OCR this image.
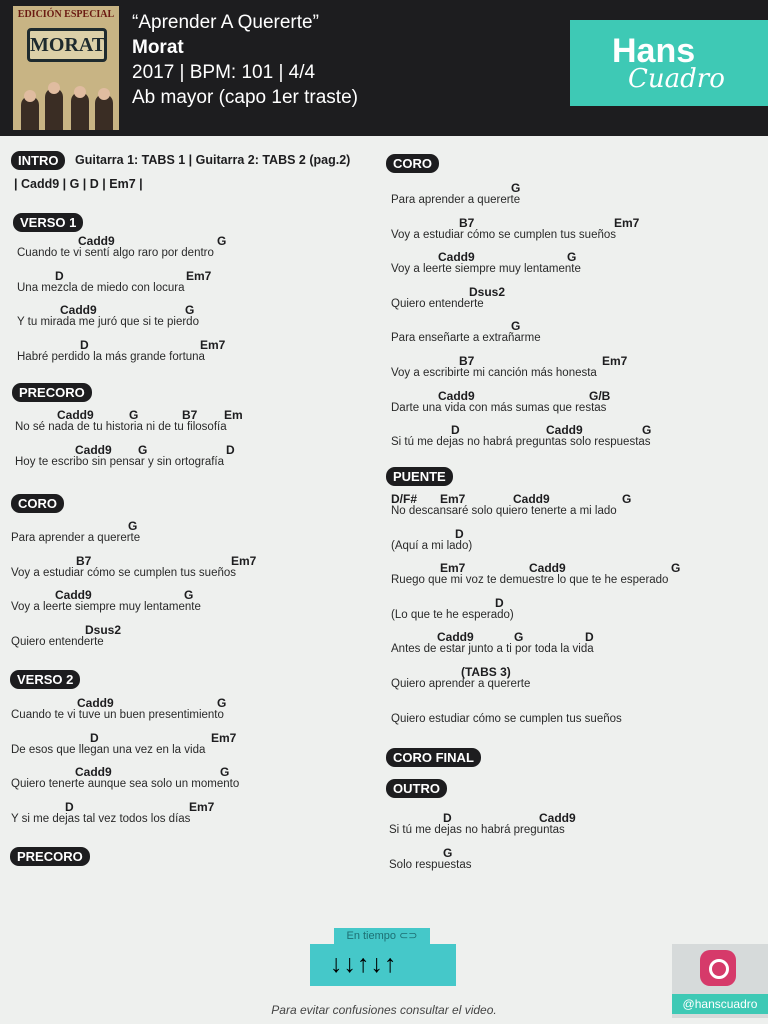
EDICIÓN ESPECIAL
MORAT
“Aprender A Quererte”
Morat
2017 | BPM: 101 | 4/4
Ab mayor (capo 1er traste)
Hans
Cuadro
INTRO	Guitarra 1: TABS 1 | Guitarra 2: TABS 2 (pag.2)
| Cadd9 | G | D | Em7 |
VERSO 1
PRECORO
CORO
VERSO 2
PRECORO
CORO
PUENTE
CORO FINAL
OUTRO
En tiempo ⊂⊃
↓↓↑↓↑
Para evitar confusiones consultar el video.	@hanscuadro
Cadd9	G
Cuando te vi sentí algo raro por dentro
D	Em7
Una mezcla de miedo con locura
Cadd9	G
Y tu mirada me juró que si te pierdo
D	Em7
Habré perdido la más grande fortuna
Cadd9	G	B7 Em
No sé nada de tu historia ni de tu filosofía
Cadd9 G	D
Hoy te escribo sin pensar y sin ortografía
G
Para aprender a quererte
B7	Em7
Voy a estudiar cómo se cumplen tus sueños
Cadd9	G
Voy a leerte siempre muy lentamente
Dsus2
Quiero entenderte
Cadd9	G
Cuando te vi tuve un buen presentimiento
D	Em7
De esos que llegan una vez en la vida
Cadd9	G
Quiero tenerte aunque sea solo un momento
D	Em7
Y si me dejas tal vez todos los días
G
Para aprender a quererte
B7	Em7
Voy a estudiar cómo se cumplen tus sueños
Cadd9	G
Voy a leerte siempre muy lentamente
Dsus2
Quiero entenderte
G
Para enseñarte a extrañarme
B7	Em7
Voy a escribirte mi canción más honesta
Cadd9	G/B
Darte una vida con más sumas que restas
D	Cadd9	G
Si tú me dejas no habrá preguntas solo respuestas
D/F# Em7	Cadd9	G
No descansaré solo quiero tenerte a mi lado
D
(Aquí a mi lado)
Em7	Cadd9	G
Ruego que mi voz te demuestre lo que te he esperado
D
(Lo que te he esperado)
Cadd9	G	D
Antes de estar junto a ti por toda la vida
(TABS 3)
Quiero aprender a quererte
Quiero estudiar cómo se cumplen tus sueños
D	Cadd9
Si tú me dejas no habrá preguntas
G
Solo respuestas
